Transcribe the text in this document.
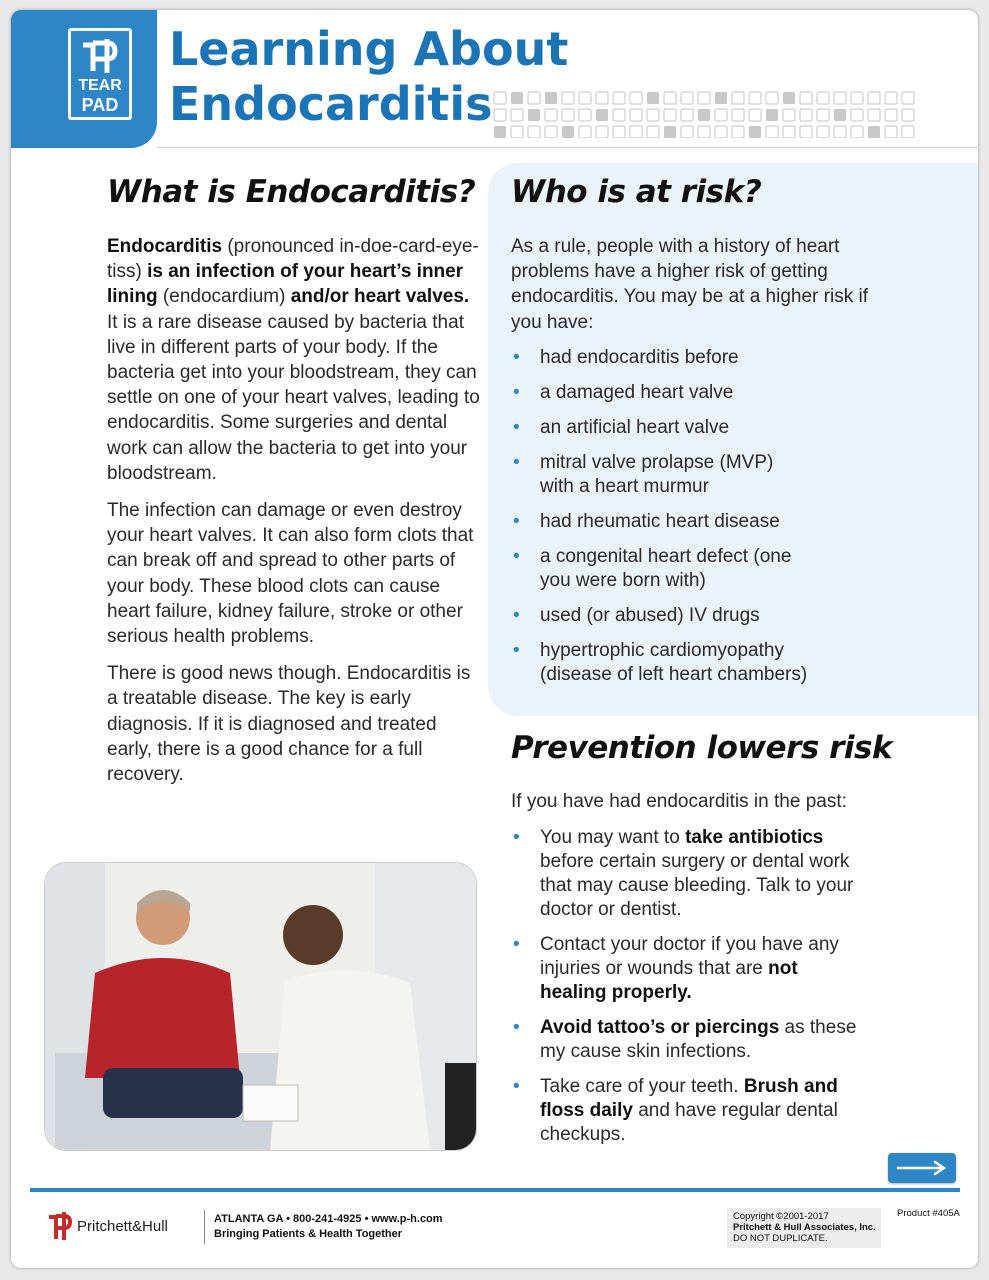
TEAR
PAD
Learning About
Endocarditis
What is Endocarditis?

Endocarditis (pronounced in-doe-card-eye-tiss) is an infection of your heart’s inner lining (endocardium) and/or heart valves. It is a rare disease caused by bacteria that live in different parts of your body. If the bacteria get into your bloodstream, they can settle on one of your heart valves, leading to endocarditis. Some surgeries and dental work can allow the bacteria to get into your bloodstream.

The infection can damage or even destroy your heart valves. It can also form clots that can break off and spread to other parts of your body. These blood clots can cause heart failure, kidney failure, stroke or other serious health problems.

There is good news though. Endocarditis is a treatable disease. The key is early diagnosis. If it is diagnosed and treated early, there is a good chance for a full recovery.

Who is at risk?
As a rule, people with a history of heart problems have a higher risk of getting endocarditis. You may be at a higher risk if you have:
• had endocarditis before
• a damaged heart valve
• an artificial heart valve
• mitral valve prolapse (MVP) with a heart murmur
• had rheumatic heart disease
• a congenital heart defect (one you were born with)
• used (or abused) IV drugs
• hypertrophic cardiomyopathy (disease of left heart chambers)
Prevention lowers risk
If you have had endocarditis in the past:
• You may want to take antibiotics before certain surgery or dental work that may cause bleeding. Talk to your doctor or dentist.
• Contact your doctor if you have any injuries or wounds that are not healing properly.
• Avoid tattoo’s or piercings as these my cause skin infections.
• Take care of your teeth. Brush and floss daily and have regular dental checkups.
Pritchett&Hull	ATLANTA GA • 800-241-4925 • www.p-h.com
Bringing Patients & Health Together
Copyright ©2001-2017
Pritchett & Hull Associates, Inc.
DO NOT DUPLICATE.
Product #405A
